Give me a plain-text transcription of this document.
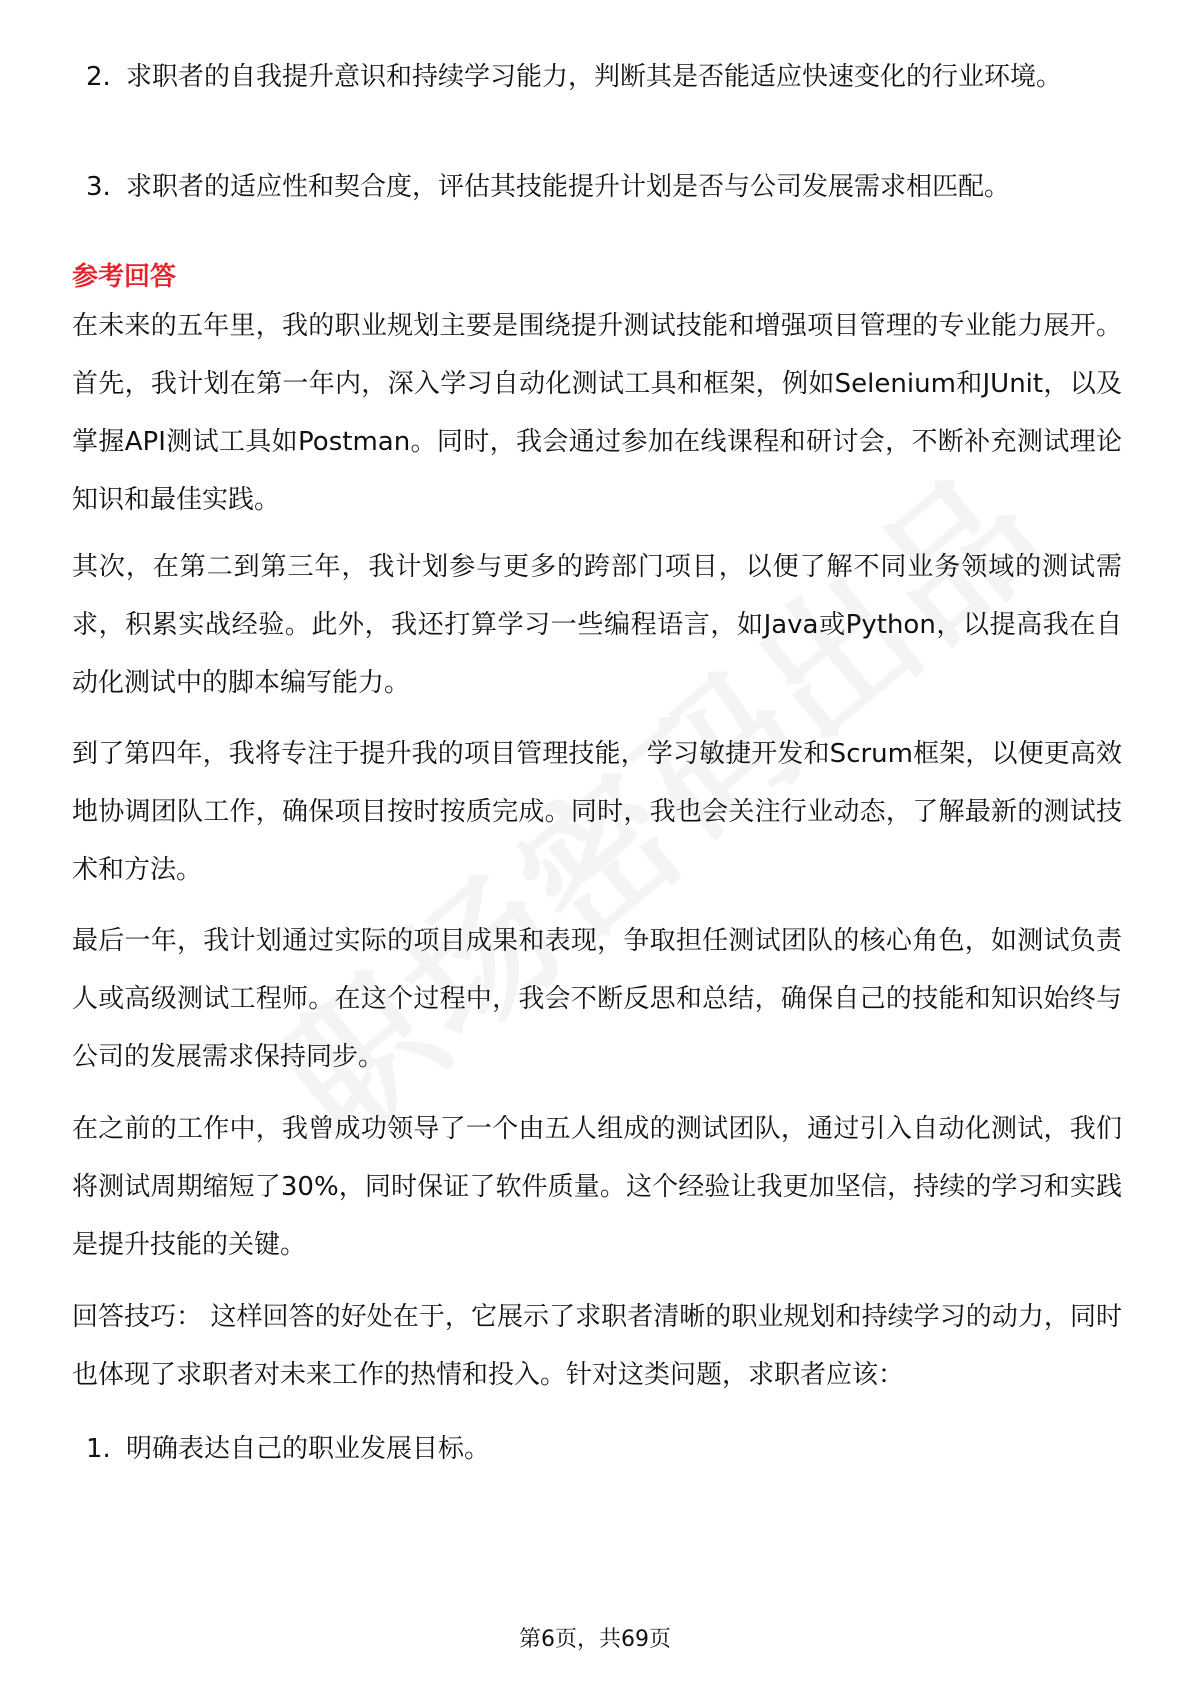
2. 求职者的自我提升意识和持续学习能力，判断其是否能适应快速变化的行业环境。
3. 求职者的适应性和契合度，评估其技能提升计划是否与公司发展需求相匹配。
参考回答
在未来的五年里，我的职业规划主要是围绕提升测试技能和增强项目管理的专业能力展开。首先，我计划在第一年内，深入学习自动化测试工具和框架，例如Selenium和JUnit，以及掌握API测试工具如Postman。同时，我会通过参加在线课程和研讨会，不断补充测试理论知识和最佳实践。
其次，在第二到第三年，我计划参与更多的跨部门项目，以便了解不同业务领域的测试需求，积累实战经验。此外，我还打算学习一些编程语言，如Java或Python，以提高我在自动化测试中的脚本编写能力。
到了第四年，我将专注于提升我的项目管理技能，学习敏捷开发和Scrum框架，以便更高效地协调团队工作，确保项目按时按质完成。同时，我也会关注行业动态，了解最新的测试技术和方法。
最后一年，我计划通过实际的项目成果和表现，争取担任测试团队的核心角色，如测试负责人或高级测试工程师。在这个过程中，我会不断反思和总结，确保自己的技能和知识始终与公司的发展需求保持同步。
在之前的工作中，我曾成功领导了一个由五人组成的测试团队，通过引入自动化测试，我们将测试周期缩短了30%，同时保证了软件质量。这个经验让我更加坚信，持续的学习和实践是提升技能的关键。
回答技巧： 这样回答的好处在于，它展示了求职者清晰的职业规划和持续学习的动力，同时也体现了求职者对未来工作的热情和投入。针对这类问题，求职者应该：
1. 明确表达自己的职业发展目标。
第6页，共69页
